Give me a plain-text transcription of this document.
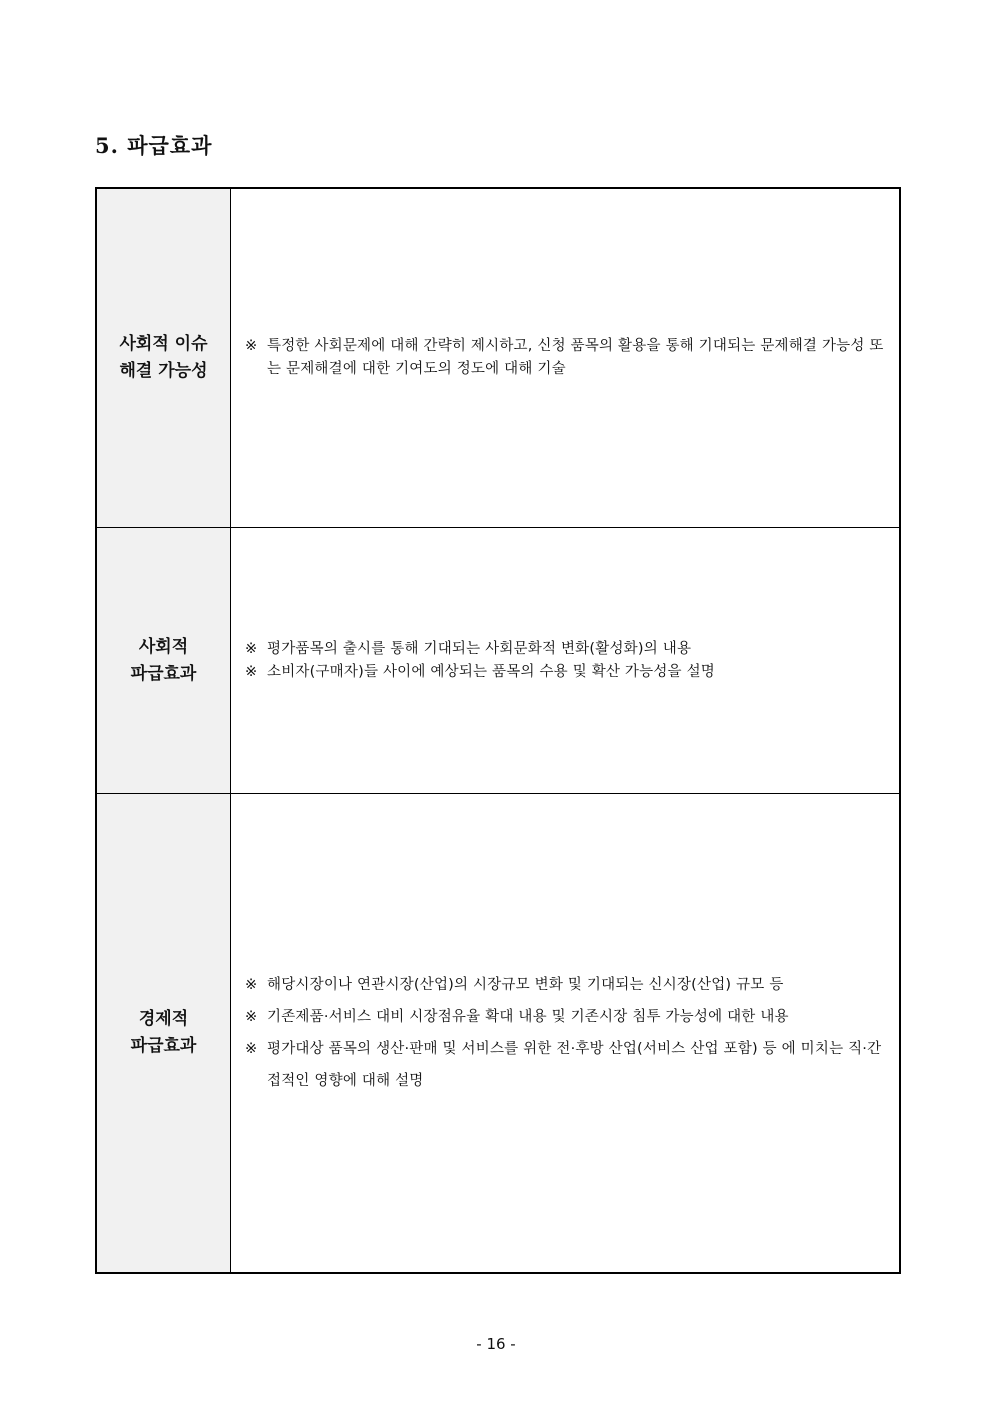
5. 파급효과
사회적 이슈
해결 가능성
※ 특정한 사회문제에 대해 간략히 제시하고, 신청 품목의 활용을 통해 기대되는 문제해결 가능성 또는 문제해결에 대한 기여도의 정도에 대해 기술
사회적
파급효과
※ 평가품목의 출시를 통해 기대되는 사회문화적 변화(활성화)의 내용
※ 소비자(구매자)들 사이에 예상되는 품목의 수용 및 확산 가능성을 설명
경제적
파급효과
※ 해당시장이나 연관시장(산업)의 시장규모 변화 및 기대되는 신시장(산업) 규모 등
※ 기존제품·서비스 대비 시장점유율 확대 내용 및 기존시장 침투 가능성에 대한 내용
※ 평가대상 품목의 생산·판매 및 서비스를 위한 전·후방 산업(서비스 산업 포함) 등 에 미치는 직·간접적인 영향에 대해 설명
- 16 -
